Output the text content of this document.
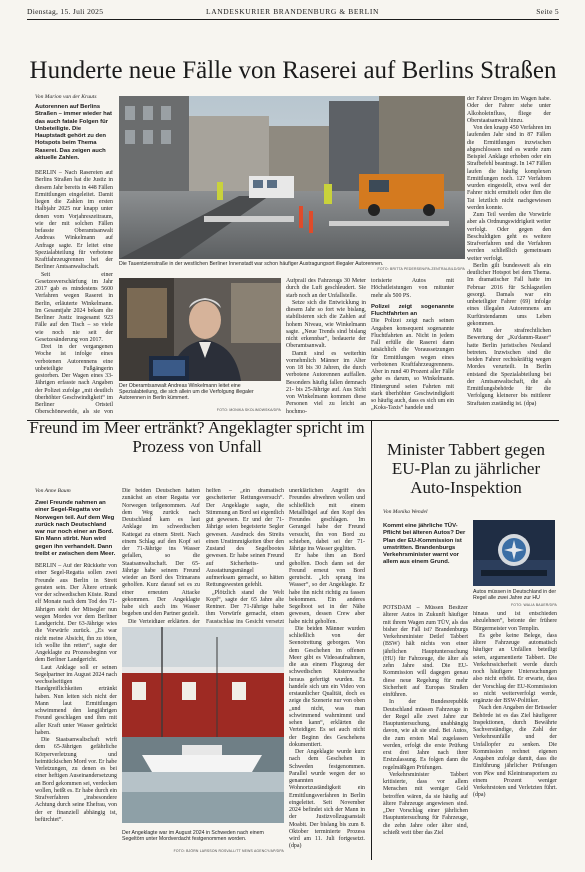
Dienstag, 15. Juli 2025	LANDESKURIER BRANDENBURG & BERLIN	Seite 5
Hunderte neue Fälle von Raserei auf Berlins Straßen
Von Marion van der Kruuts
Autorennen auf Berlins Straßen – immer wieder hat das auch fatale Folgen für Unbeteiligte. Die Hauptstadt gehört zu den Hotspots beim Thema Raserei. Das zeigen auch aktuelle Zahlen.

BERLIN – Nach Rasereien auf Berlins Straßen hat die Justiz in diesem Jahr bereits in 448 Fällen Ermittlungen eingeleitet. Damit liegen die Zahlen im ersten Halbjahr 2025 nur knapp unter denen vom Vorjahreszeitraum, wie der mit solchen Fällen befasste Oberamtsanwalt Andreas Winkelmann auf Anfrage sagte. Er leitet eine Spezialabteilung für verbotene Kraftfahrzeugrennen bei der Berliner Amtsanwaltschaft.

Seit einer Gesetzesverschärfung im Jahr 2017 gab es mindestens 5600 Verfahren wegen Raserei in Berlin, erläuterte Winkelmann. Im Gesamtjahr 2024 bekam die Berliner Justiz insgesamt 923 Fälle auf den Tisch – so viele wie noch nie seit der Gesetzesänderung von 2017.

Drei in der vergangenen Woche ist infolge eines verbotenen Autorennens eine unbeteiligte Fußgängerin gestorben. Der Wagen eines 33-Jährigen erfasste nach Angaben der Polizei zufolge „mit deutlich überhöhter Geschwindigkeit“ im Berliner Ortsteil Oberschöneweide, als sie von

Die Tauentzienstraße in der westlichen Berliner Innenstadt war schon häufiger Austragungsort illegaler Autorennen.
FOTO: BRITTA PEDERSEN/PA-ZENTRALBILD/DPA
Der Oberamtsanwalt Andreas Winkelmann leitet eine Spezialabteilung, die sich allein um die Verfolgung illegaler Autorennen in Berlin kümmert.
FOTO: MONIKA SKOLIMOWSKA/DPA

Aufprall des Fahrzeugs 30 Meter durch die Luft geschleudert. Sie starb noch an der Unfallstelle.

Setze sich die Entwicklung in diesem Jahr so fort wie bislang, stabilisieren sich die Zahlen auf hohem Niveau, wie Winkelmann sagte. „Neue Trends sind bislang nicht erkennbar“, bedauerte der Oberamtsanwalt.

Damit sind es weiterhin vornehmlich Männer im Alter von 18 bis 30 Jahren, die durch verbotene Autorennen auffallen. Besonders häufig fallen demnach 21- bis 25-Jährige auf. Aus Sicht von Winkelmann kommen diese Personen viel zu leicht an hochmo-

torisierte Autos mit Höchstleistungen von mitunter mehr als 500 PS.

Polizei zeigt sogenannte Fluchtfahrten an

Die Polizei zeigt nach seinen Angaben konsequent sogenannte Fluchtfahrten an. Nicht in jedem Fall erfülle die Raserei dann tatsächlich die Voraussetzungen für Ermittlungen wegen eines verbotenen Kraftfahrzeugrennens. Aber in rund 40 Prozent aller Fälle gehe es darum, so Winkelmann. Hintergrund seien Fahrten mit stark überhöhter Geschwindigkeit so häufig auch, dass es sich um ein „Koks-Taxis“ handele und

der Fahrer Drogen im Wagen habe. Oder der Fahrer stehe unter Alkoholeinfluss, fliege der Oberstaatsanwalt hinzu.

Von den knapp 450 Verfahren im laufenden Jahr sind in 87 Fällen die Ermittlungen inzwischen abgeschlossen und es wurde zum Beispiel Anklage erhoben oder ein Strafbefehl beantragt. In 147 Fällen laufen die häufig komplexen Ermittlungen noch. 127 Verfahren wurden eingestellt, etwa weil der Fahrer nicht ermittelt oder ihm die Tat letztlich nicht nachgewiesen werden konnte.

Zum Teil werden die Vorwürfe aber als Ordnungswidrigkeit weiter verfolgt. Oder gegen den Beschuldigten geht es weitere Strafverfahren und die Verfahren werden schließlich gemeinsam weiter verfolgt.

Berlin gilt bundesweit als ein deutlicher Hotspot bei dem Thema. Im dramatischer Fall hatte im Februar 2016 für Schlagzeilen gesorgt. Damals war ein unbeteiligter Fahrer (69) infolge eines illegalen Autorennens am Kurfürstendamm ums Leben gekommen.

Mit der strafrechtlichen Bewertung der „Ku'damm-Raser“ hatte Berlin juristisches Neuland betreten. Inzwischen sind die beiden Fahrer rechtskräftig wegen Mordes verurteilt. In Berlin entstand die Spezialabteilung bei der Amtsanwaltschaft, die als Ermittlungsbehörde für die Verfolgung kleinerer bis mittlerer Straftaten zuständig ist. (dpa)

Freund im Meer ertränkt? Angeklagter spricht im Prozess von Unfall
Von Anne Baum
Zwei Freunde nahmen an einer Segel-Regatta vor Norwegen teil. Auf dem Weg zurück nach Deutschland war nur noch einer an Bord. Ein Mann stirbt. Nun wird gegen ihn verhandelt. Dann treibt er zwischen dem Meer.

BERLIN – Auf der Rückkehr von einer Segel-Regatta sollen zwei Freunde aus Berlin in Streit geraten sein. Der Ältere ertrank vor der schwedischen Küste. Rund elf Monate nach dem Tod des 71-Jährigen steht der Mitsegler nun wegen Mordes vor dem Berliner Landgericht. Der 63-Jährige wies die Vorwürfe zurück. „Es war nicht meine Absicht, ihn zu töten, ich wollte ihn retten“, sagte der Angeklagte zu Prozessbeginn vor dem Berliner Landgericht.

Laut Anklage soll er seinen Segelpartner im August 2024 nach wechselseitigen Handgreiflichkeiten ertränkt haben. Nun leiten sich nicht der Mann laut Ermittlungen schwimmend den langjährigen Freund geschlagen und ihm mit aller Kraft unter Wasser gedrückt haben.

Die Staatsanwaltschaft wirft dem 65-Jährigen gefährliche Körperverletzung und heimtückischen Mord vor. Er habe Verletzungen, zu denen es bei einer heftigen Auseinandersetzung an Bord gekommen sei, verdecken wollen, heißt es. Er habe durch ein Strafverfahren „insbesondere Achtung durch seine Ehefrau, von der er finanziell abhängig ist, befürchtet“.

Die beiden Deutschen hatten zunächst an einer Regatta vor Norwegen teilgenommen. Auf dem Weg zurück nach Deutschland kam es laut Anklage im schwedischen Kattegat zu einem Streit. Nach einem Schlag auf den Kopf sei der 71-Jährige ins Wasser gefallen, so die Staatsanwaltschaft. Der 65-Jährige habe seinem Freund wieder an Bord des Trimarans geholfen. Kurz darauf sei es zu einer erneuten Attacke gekommen. Der Angeklagte habe sich auch ins Wasser begeben und den Partner gezielt.

Die Verteidiger erklärten, der

helfen – „ein dramatisch gescheiterter Rettungsversuch“. Der Angeklagte sagte, die Stimmung an Bord sei eigentlich gut gewesen. Er und der 71-Jährige seien begeisterte Segler gewesen. Ausdruck des Streits einen Unstimmigkeiten über den Zustand des Segelbootes gewesen. Er habe seinen Freund auf Sicherheits- und Ausstattungsmängel aufmerksam gemacht, so hätten Rettungswesten gefehlt.

„Plötzlich stand die Welt Kopf“, sagte der 65 Jahre alte Rentner. Der 71-Jährige habe ihm Vorwürfe gemacht, einen Faustschlag ins Gesicht versetzt

unerklärlichen Angriff des Freundes abwehren wollen und schließlich mit einem Metallbügel auf den Kopf des Freundes geschlagen. Im Gerangel habe der Freund versucht, ihn von Bord zu schieben, dabei sei der 71-Jährige ins Wasser geglitten.

Er habe ihm an Bord geholfen. Doch dann sei der Freund erneut von Bord gerutscht. „Ich sprang ins Wasser“, so der Angeklagte. Er habe ihn nicht richtig zu fassen bekommen. Ein anderes Segelboot sei in der Nähe gewesen, dessen Crew aber habe nicht geholfen.

Die beiden Männer wurden schließlich von der Seenotrettung geborgen. Von dem Geschehen im offenen Meer gibt es Videoaufnahmen, die aus einem Flugzeug der schwedischen Küstenwache heraus gefertigt wurden. Es handele sich um ein Video von erstaunlicher Qualität, doch es zeige die Szenerie nur von oben „und nicht, was man schwimmend wahrnimmt und sehen kann“, erklärten die Verteidiger. Es sei auch nicht der Beginn des Geschehens dokumentiert.

Der Angeklagte wurde kurz nach dem Geschehen in Schweden festgenommen. Parallel wurde wegen der so genannten Wohnortzuständigkeit ein Ermittlungsverfahren in Berlin eingeleitet. Seit November 2024 befindet sich der Mann in der Justizvollzugsanstalt Moabit. Der bislang bis zum 8. Oktober terminierte Prozess wird am 11. Juli fortgesetzt. (dpa)

Der Angeklagte war im August 2024 in Schweden nach einem Segeltörn unter Mordverdacht festgenommen worden.
FOTO: BJÖRN LARSSON ROSVALL/TT NEWS AGENCY/AP/DPA
Minister Tabbert gegen EU-Plan zu jährlicher Auto-Inspektion
Von Monika Wendel
Kommt eine jährliche TÜV-Pflicht bei älteren Autos? Der Plan der EU-Kommission ist umstritten. Brandenburgs Verkehrsminister warnt vor allem aus einem Grund.
Autos müssen in Deutschland in der Regel alle zwei Jahre zur HU
FOTO: WALIA BAUER/DPA

POTSDAM – Müssen Besitzer älterer Autos in Zukunft häufiger mit ihrem Wagen zum TÜV, als das bisher der Fall ist? Brandenburgs Verkehrsminister Detlef Tabbert (BSW) hält nichts von einer jährlichen Hauptuntersuchung (HU) für Fahrzeuge, die älter als zehn Jahre sind. Die EU-Kommission will dagegen genau diese neue Regelung für mehr Sicherheit auf Europas Straßen einführen.

In der Bundesrepublik Deutschland müssen Fahrzeuge in der Regel alle zwei Jahre zur Hauptuntersuchung, unabhängig davon, wie alt sie sind. Bei Autos, die zum ersten Mal zugelassen werden, erfolgt die erste Prüfung erst drei Jahre nach ihrer Erstzulassung. Es folgen dann die regelmäßigen Prüfungen.

Verkehrsminister Tabbert kritisierte, dass vor allem Menschen mit weniger Geld betroffen wären, da sie häufig auf ältere Fahrzeuge angewiesen sind. „Der Vorschlag einer jährlichen Hauptuntersuchung für Fahrzeuge, die zehn Jahre oder älter sind, schießt weit über das Ziel

hinaus und ist entschieden abzulehnen“, betonte der frühere Bürgermeister von Templin.

Es gebe keine Belege, dass ältere Fahrzeuge automatisch häufiger an Unfällen beteiligt seien, argumentierte Tabbert. Die Verkehrssicherheit werde durch noch häufigere Untersuchungen also nicht erhöht. Er erwarte, dass der Vorschlag der EU-Kommission so nicht weiterverfolgt werde, ergänzte der BSW-Politiker.

Nach den Angaben der Brüsseler Behörde ist es das Ziel häufigerer Inspektionen, durch Bewährte Sachverständige, die Zahl der Verkehrsunfälle und der Unfallopfer zu senken. Die Kommission rechnet eigenen Angaben zufolge damit, dass die Einführung jährlicher Prüfungen von Pkw und Kleintransportern zu einem Prozent weniger Verkehrstoten und Verletzten führt. (dpa)
